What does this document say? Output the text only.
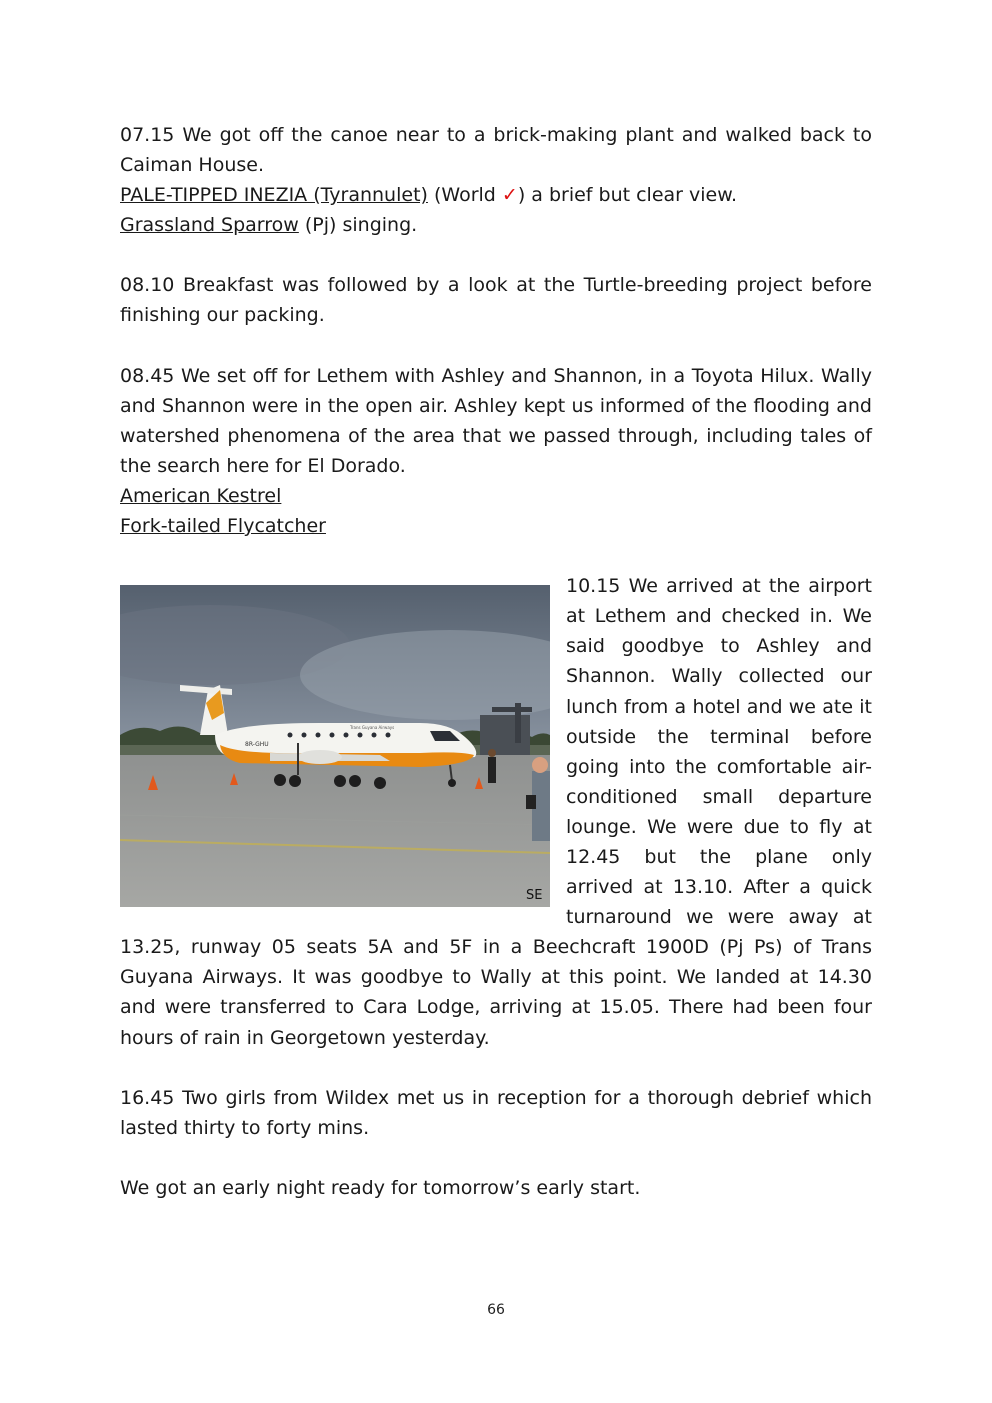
07.15 We got off the canoe near to a brick-making plant and walked back to Caiman House.

PALE-TIPPED INEZIA (Tyrannulet) (World ✓) a brief but clear view.

Grassland Sparrow (Pj) singing.

08.10 Breakfast was followed by a look at the Turtle-breeding project before finishing our packing.

08.45 We set off for Lethem with Ashley and Shannon, in a Toyota Hilux. Wally and Shannon were in the open air. Ashley kept us informed of the flooding and watershed phenomena of the area that we passed through, including tales of the search here for El Dorado.

American Kestrel

Fork-tailed Flycatcher

8R-GHU
Trans Guyana Airways
SE

10.15 We arrived at the airport at Lethem and checked in. We said goodbye to Ashley and Shannon. Wally collected our lunch from a hotel and we ate it outside the terminal before going into the comfortable air-conditioned small departure lounge. We were due to fly at 12.45 but the plane only arrived at 13.10. After a quick turnaround we were away at 13.25, runway 05 seats 5A and 5F in a Beechcraft 1900D (Pj Ps) of Trans Guyana Airways. It was goodbye to Wally at this point. We landed at 14.30 and were transferred to Cara Lodge, arriving at 15.05. There had been four hours of rain in Georgetown yesterday.

16.45 Two girls from Wildex met us in reception for a thorough debrief which lasted thirty to forty mins.

We got an early night ready for tomorrow’s early start.

66
